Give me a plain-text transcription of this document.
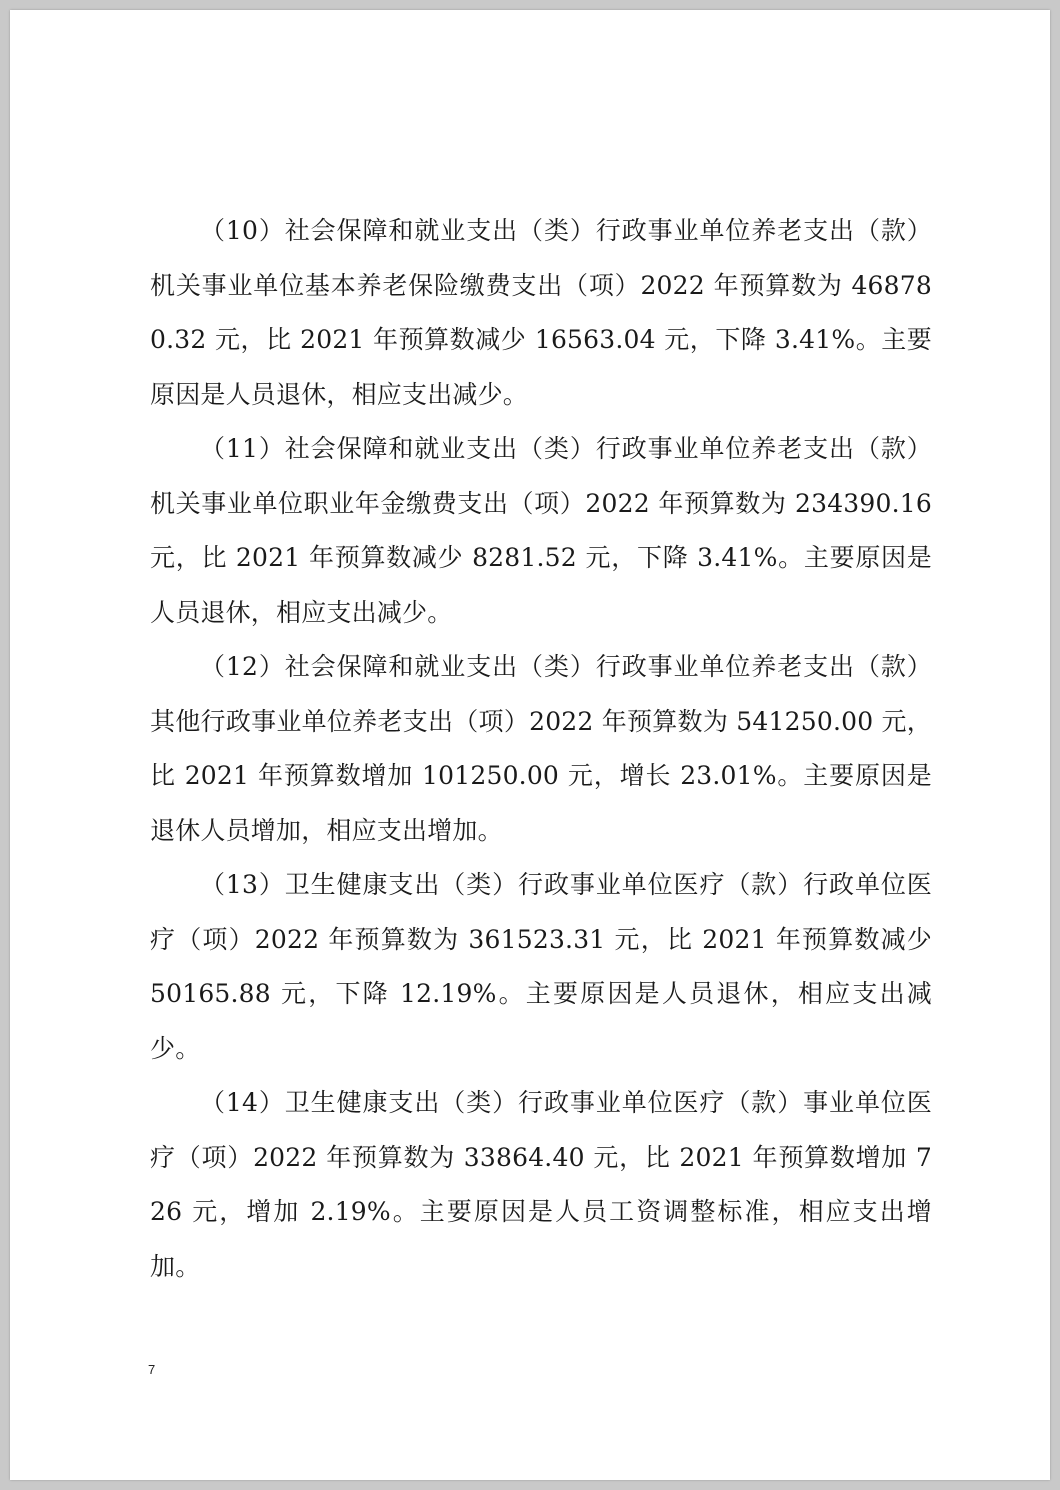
（10）社会保障和就业支出（类）行政事业单位养老支出（款）机关事业单位基本养老保险缴费支出（项）2022 年预算数为 468780.32 元，比 2021 年预算数减少 16563.04 元，下降 3.41%。主要原因是人员退休，相应支出减少。

（11）社会保障和就业支出（类）行政事业单位养老支出（款）机关事业单位职业年金缴费支出（项）2022 年预算数为 234390.16 元，比 2021 年预算数减少 8281.52 元，下降 3.41%。主要原因是人员退休，相应支出减少。

（12）社会保障和就业支出（类）行政事业单位养老支出（款）其他行政事业单位养老支出（项）2022 年预算数为 541250.00 元，比 2021 年预算数增加 101250.00 元，增长 23.01%。主要原因是退休人员增加，相应支出增加。

（13）卫生健康支出（类）行政事业单位医疗（款）行政单位医疗（项）2022 年预算数为 361523.31 元，比 2021 年预算数减少 50165.88 元，下降 12.19%。主要原因是人员退休，相应支出减少。

（14）卫生健康支出（类）行政事业单位医疗（款）事业单位医疗（项）2022 年预算数为 33864.40 元，比 2021 年预算数增加 726 元，增加 2.19%。主要原因是人员工资调整标准，相应支出增加。

7
